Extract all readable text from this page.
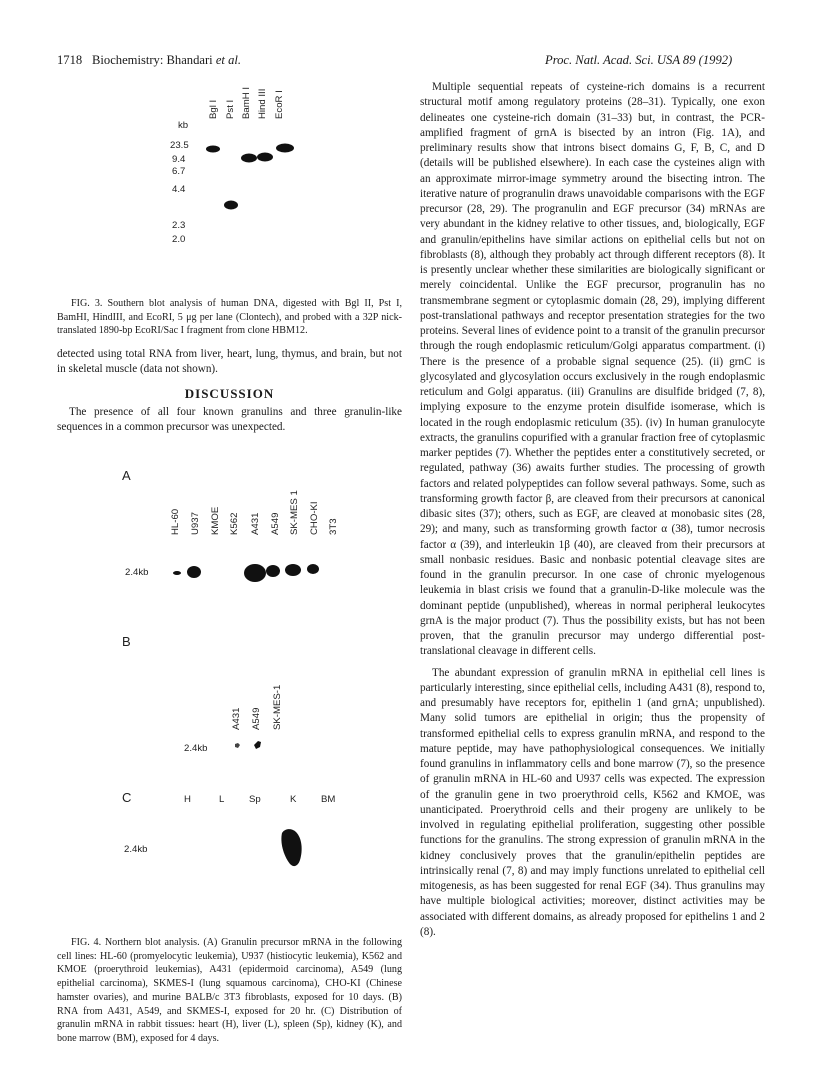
1718 Biochemistry: Bhandari et al.	Proc. Natl. Acad. Sci. USA 89 (1992)
kb
23.5
9.4
6.7
4.4
2.3
2.0
Bgl I Pst I BamH I Hind III EcoR I

FIG. 3. Southern blot analysis of human DNA, digested with Bgl II, Pst I, BamHI, HindIII, and EcoRI, 5 μg per lane (Clontech), and probed with a 32P nick-translated 1890-bp EcoRI/Sac I fragment from clone HBM12.

detected using total RNA from liver, heart, lung, thymus, and brain, but not in skeletal muscle (data not shown).

DISCUSSION

The presence of all four known granulins and three granulin-like sequences in a common precursor was unexpected.

A
HL-60 U937 KMOE K562 A431 A549 SK-MES 1 CHO-KI 3T3
2.4kb
B
A431 A549 SK-MES-1
2.4kb
C	H	L	Sp	K	BM
2.4kb

FIG. 4. Northern blot analysis. (A) Granulin precursor mRNA in the following cell lines: HL-60 (promyelocytic leukemia), U937 (histiocytic leukemia), K562 and KMOE (proerythroid leukemias), A431 (epidermoid carcinoma), A549 (lung epithelial carcinoma), SKMES-I (lung squamous carcinoma), CHO-KI (Chinese hamster ovaries), and murine BALB/c 3T3 fibroblasts, exposed for 10 days. (B) RNA from A431, A549, and SKMES-I, exposed for 20 hr. (C) Distribution of granulin mRNA in rabbit tissues: heart (H), liver (L), spleen (Sp), kidney (K), and bone marrow (BM), exposed for 4 days.

Multiple sequential repeats of cysteine-rich domains is a recurrent structural motif among regulatory proteins (28–31). Typically, one exon delineates one cysteine-rich domain (31–33) but, in contrast, the PCR-amplified fragment of grnA is bisected by an intron (Fig. 1A), and preliminary results show that introns bisect domains G, F, B, C, and D (details will be published elsewhere). In each case the cysteines align with an approximate mirror-image symmetry around the bisecting intron. The iterative nature of progranulin draws unavoidable comparisons with the EGF precursor (28, 29). The progranulin and EGF precursor (34) mRNAs are very abundant in the kidney relative to other tissues, and, biologically, EGF and granulin/epithelins have similar actions on epithelial cells but not on fibroblasts (8), although they probably act through different receptors (8). It is presently unclear whether these similarities are biologically significant or merely coincidental. Unlike the EGF precursor, progranulin has no transmembrane segment or cytoplasmic domain (28, 29), implying different post-translational pathways and receptor presentation strategies for the two proteins. Several lines of evidence point to a transit of the granulin precursor through the rough endoplasmic reticulum/Golgi apparatus compartment. (i) There is the presence of a probable signal sequence (25). (ii) grnC is glycosylated and glycosylation occurs exclusively in the rough endoplasmic reticulum and Golgi apparatus. (iii) Granulins are disulfide bridged (7, 8), implying exposure to the enzyme protein disulfide isomerase, which is located in the rough endoplasmic reticulum (35). (iv) In human granulocyte extracts, the granulins copurified with a granular fraction free of cytoplasmic marker peptides (7). Whether the peptides enter a constitutively secreted, or regulated, pathway (36) awaits further studies. The processing of growth factors and related polypeptides can follow several pathways. Some, such as transforming growth factor β, are cleaved from their precursors at canonical dibasic sites (37); others, such as EGF, are cleaved at monobasic sites (28, 29); and many, such as transforming growth factor α (38), tumor necrosis factor α (39), and interleukin 1β (40), are cleaved from their precursors at small nonbasic residues. Basic and nonbasic potential cleavage sites are found in the granulin precursor. In one case of chronic myelogenous leukemia in blast crisis we found that a granulin-D-like molecule was the dominant peptide (unpublished), whereas in normal peripheral leukocytes grnA is the major product (7). Thus the possibility exists, but has not been proven, that the granulin precursor may undergo differential post-translational cleavage in different cells.

The abundant expression of granulin mRNA in epithelial cell lines is particularly interesting, since epithelial cells, including A431 (8), respond to, and presumably have receptors for, epithelin 1 (and grnA; unpublished). Many solid tumors are epithelial in origin; thus the propensity of transformed epithelial cells to express granulin mRNA, and respond to the mature peptide, may have pathophysiological consequences. We initially found granulins in inflammatory cells and bone marrow (7), so the presence of granulin mRNA in HL-60 and U937 cells was expected. The expression of the granulin gene in two proerythroid cells, K562 and KMOE, was unanticipated. Proerythroid cells and their progeny are unlikely to be involved in regulating epithelial proliferation, suggesting other possible functions for the granulins. The strong expression of granulin mRNA in the kidney conclusively proves that the granulin/epithelin peptides are intrinsically renal (7, 8) and may imply functions unrelated to epithelial cell mitogenesis, as has been suggested for renal EGF (34). Thus granulins may have multiple biological activities; moreover, distinct activities may be associated with different domains, as already proposed for epithelins 1 and 2 (8).
